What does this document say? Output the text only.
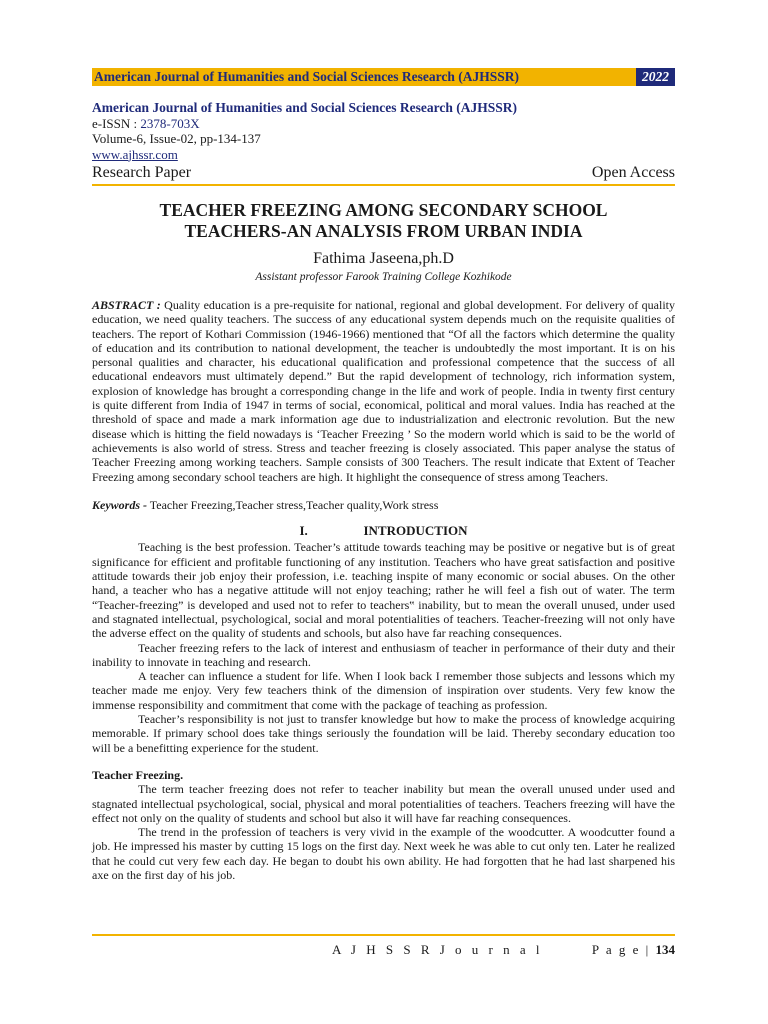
American Journal of Humanities and Social Sciences Research (AJHSSR)	2022
American Journal of Humanities and Social Sciences Research (AJHSSR)
e-ISSN : 2378-703X
Volume-6, Issue-02, pp-134-137
www.ajhssr.com
Research Paper	Open Access
TEACHER FREEZING AMONG SECONDARY SCHOOL
TEACHERS-AN ANALYSIS FROM URBAN INDIA
Fathima Jaseena,ph.D
Assistant professor Farook Training College Kozhikode

ABSTRACT : Quality education is a pre-requisite for national, regional and global development. For delivery of quality education, we need quality teachers. The success of any educational system depends much on the requisite qualities of teachers. The report of Kothari Commission (1946-1966) mentioned that “Of all the factors which determine the quality of education and its contribution to national development, the teacher is undoubtedly the most important. It is on his personal qualities and character, his educational qualification and professional competence that the success of all educational endeavors must ultimately depend.” But the rapid development of technology, rich information system, explosion of knowledge has brought a corresponding change in the life and work of people. India in twenty first century is quite different from India of 1947 in terms of social, economical, political and moral values. India has reached at the threshold of space and made a mark information age due to industrialization and electronic revolution. But the new disease which is hitting the field nowadays is ‘Teacher Freezing ’ So the modern world which is said to be the world of achievements is also world of stress. Stress and teacher freezing is closely associated. This paper analyse the status of Teacher Freezing among working teachers. Sample consists of 300 Teachers. The result indicate that Extent of Teacher Freezing among secondary school teachers are high. It highlight the consequence of stress among Teachers.

Keywords - Teacher Freezing,Teacher stress,Teacher quality,Work stress

I.	INTRODUCTION

Teaching is the best profession. Teacher’s attitude towards teaching may be positive or negative but is of great significance for efficient and profitable functioning of any institution. Teachers who have great satisfaction and positive attitude towards their job enjoy their profession, i.e. teaching inspite of many economic or social abuses. On the other hand, a teacher who has a negative attitude will not enjoy teaching; rather he will feel a fish out of water. The term “Teacher-freezing” is developed and used not to refer to teachers‟ inability, but to mean the overall unused, under used and stagnated intellectual, psychological, social and moral potentialities of teachers. Teacher-freezing will not only have the adverse effect on the quality of students and schools, but also have far reaching consequences.

Teacher freezing refers to the lack of interest and enthusiasm of teacher in performance of their duty and their inability to innovate in teaching and research.

A teacher can influence a student for life. When I look back I remember those subjects and lessons which my teacher made me enjoy. Very few teachers think of the dimension of inspiration over students. Very few know the immense responsibility and commitment that come with the package of teaching as profession.

Teacher’s responsibility is not just to transfer knowledge but how to make the process of knowledge acquiring memorable. If primary school does take things seriously the foundation will be laid. Thereby secondary education too will be a benefitting experience for the student.

Teacher Freezing.

The term teacher freezing does not refer to teacher inability but mean the overall unused under used and stagnated intellectual psychological, social, physical and moral potentialities of teachers. Teachers freezing will have the effect not only on the quality of students and school but also it will have far reaching consequences.

The trend in the profession of teachers is very vivid in the example of the woodcutter. A woodcutter found a job. He impressed his master by cutting 15 logs on the first day. Next week he was able to cut only ten. Later he realized that he could cut very few each day. He began to doubt his own ability. He had forgotten that he had last sharpened his axe on the first day of his job.

A J H S S R J o u r n a l	P a g e | 134
